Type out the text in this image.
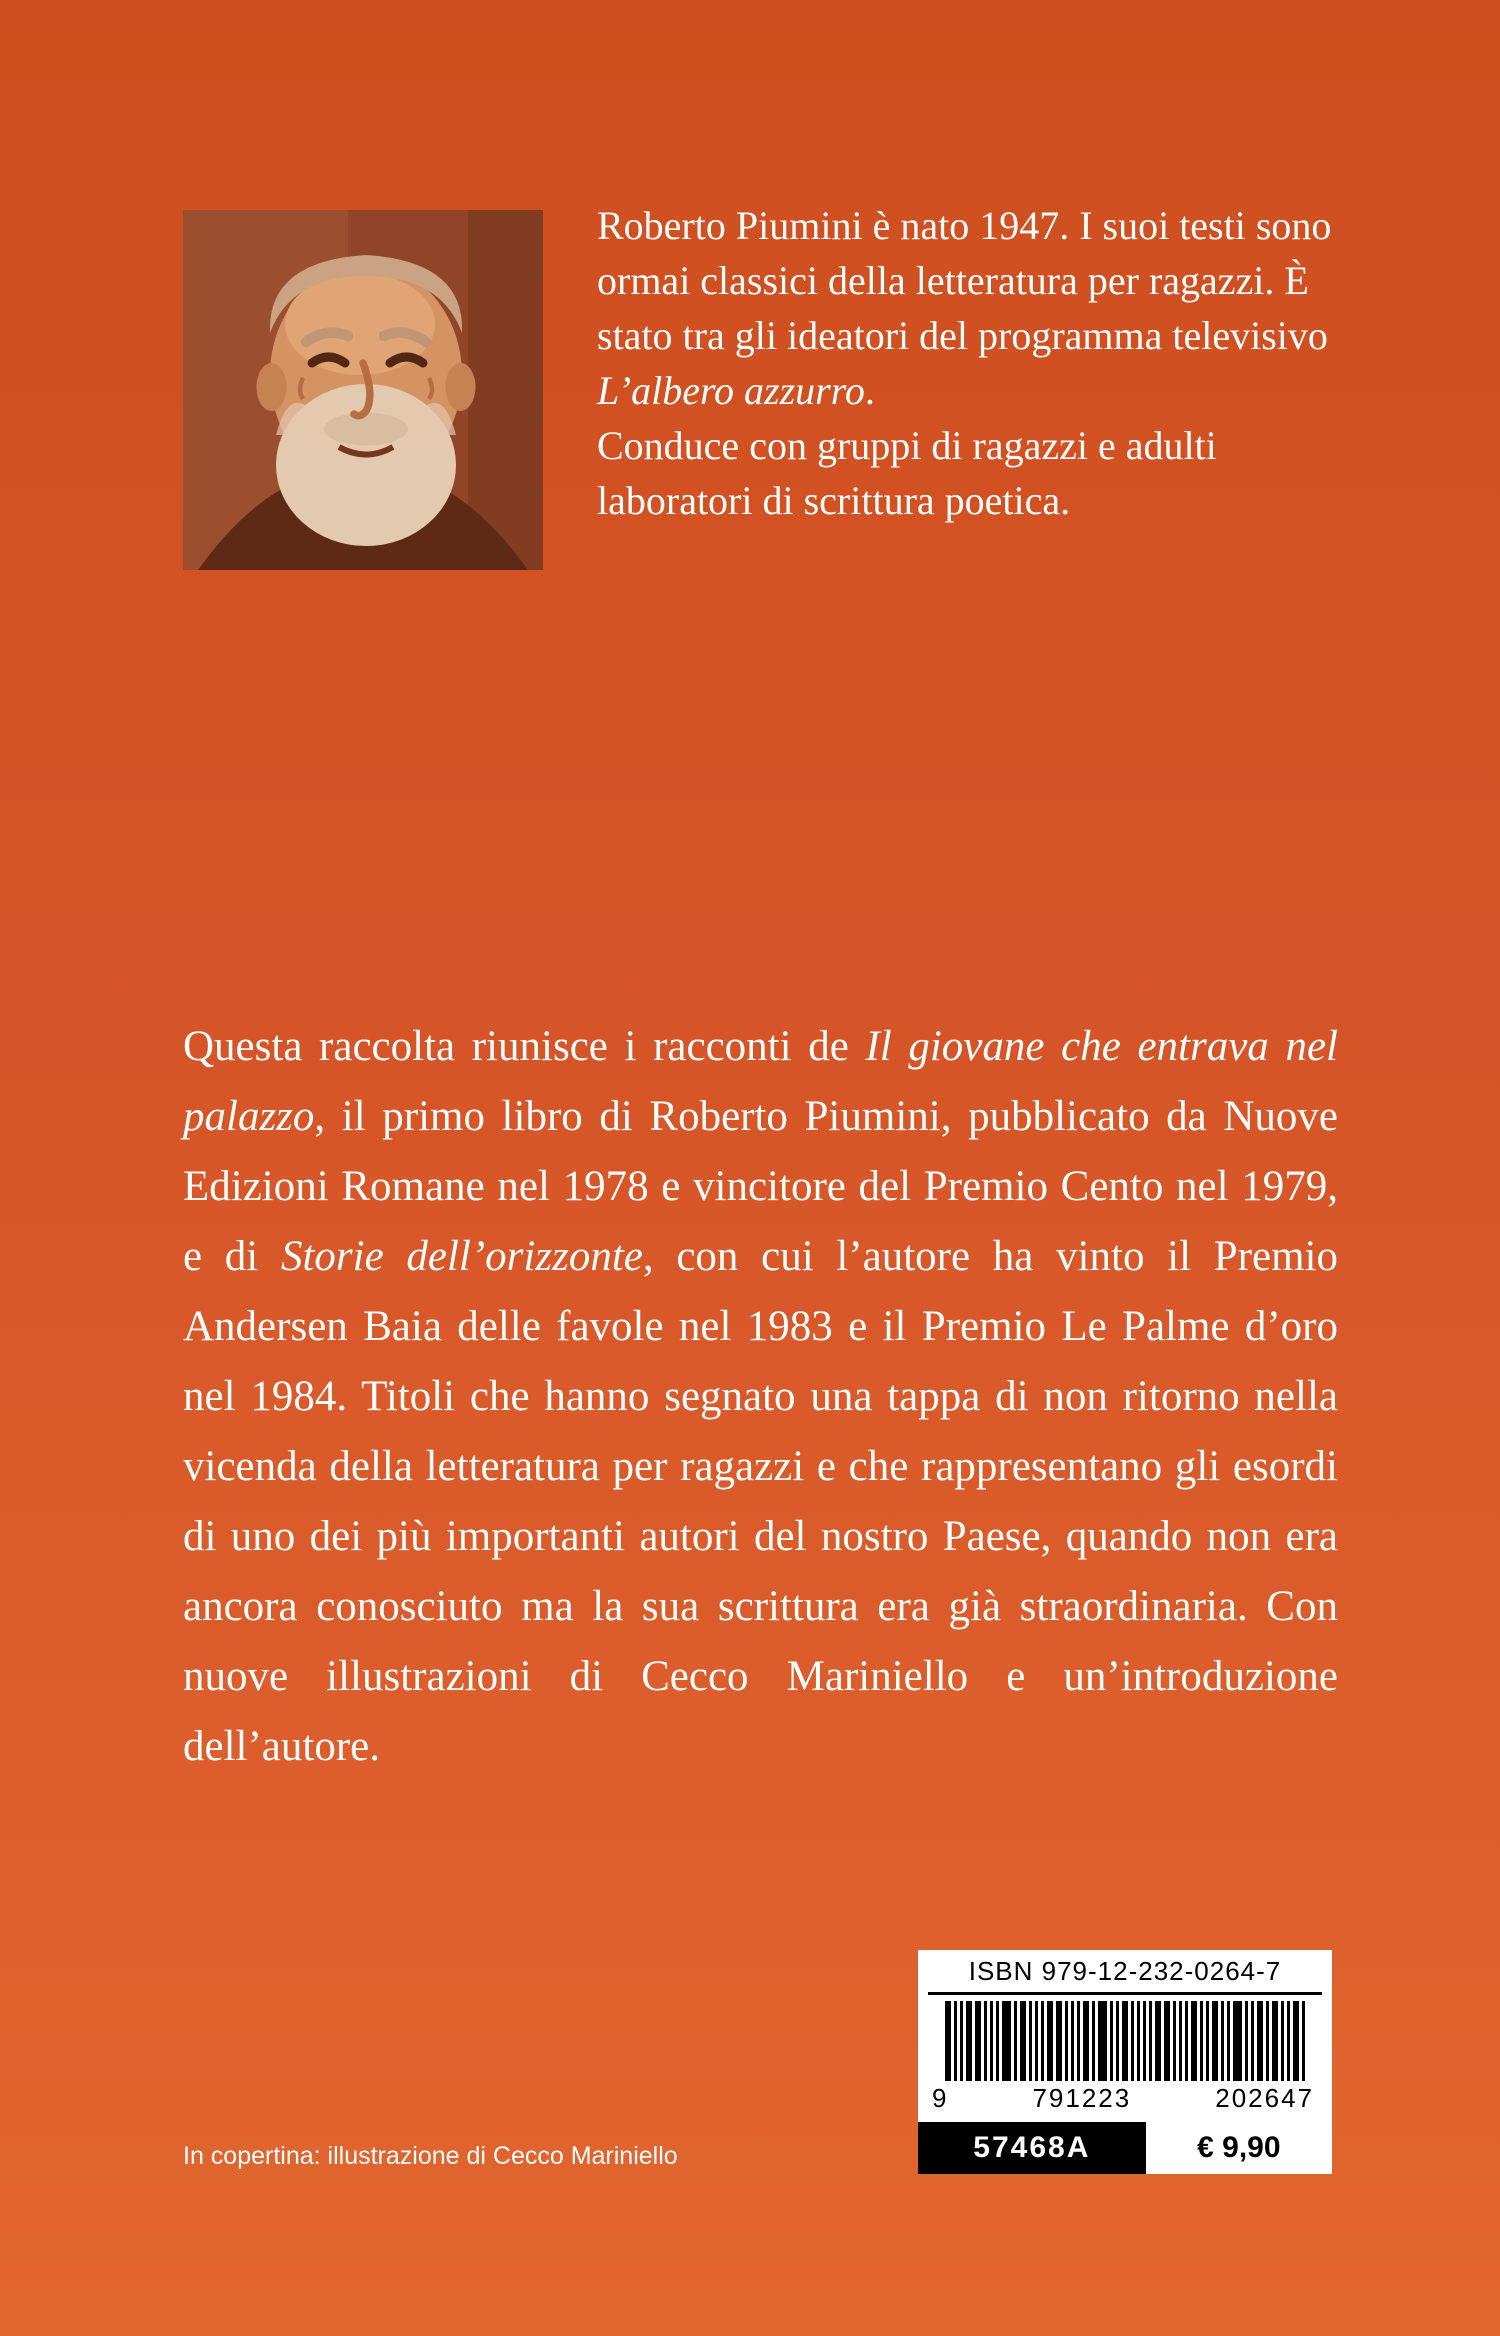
Roberto Piumini è nato 1947. I suoi testi sono ormai classici della letteratura per ragazzi. È stato tra gli ideatori del programma televisivo L’albero azzurro.

Conduce con gruppi di ragazzi e adulti laboratori di scrittura poetica.

Questa raccolta riunisce i racconti de Il giovane che entrava nel palazzo, il primo libro di Roberto Piumini, pubblicato da Nuove Edizioni Romane nel 1978 e vincitore del Premio Cento nel 1979, e di Storie dell’orizzonte, con cui l’autore ha vinto il Premio Andersen Baia delle favole nel 1983 e il Premio Le Palme d’oro nel 1984. Titoli che hanno segnato una tappa di non ritorno nella vicenda della letteratura per ragazzi e che rappresentano gli esordi di uno dei più importanti autori del nostro Paese, quando non era ancora conosciuto ma la sua scrittura era già straordinaria. Con nuove illustrazioni di Cecco Mariniello e un’introduzione dell’autore.
ISBN 979-12-232-0264-7
9	791223	202647
57468A	€ 9,90
In copertina: illustrazione di Cecco Mariniello
